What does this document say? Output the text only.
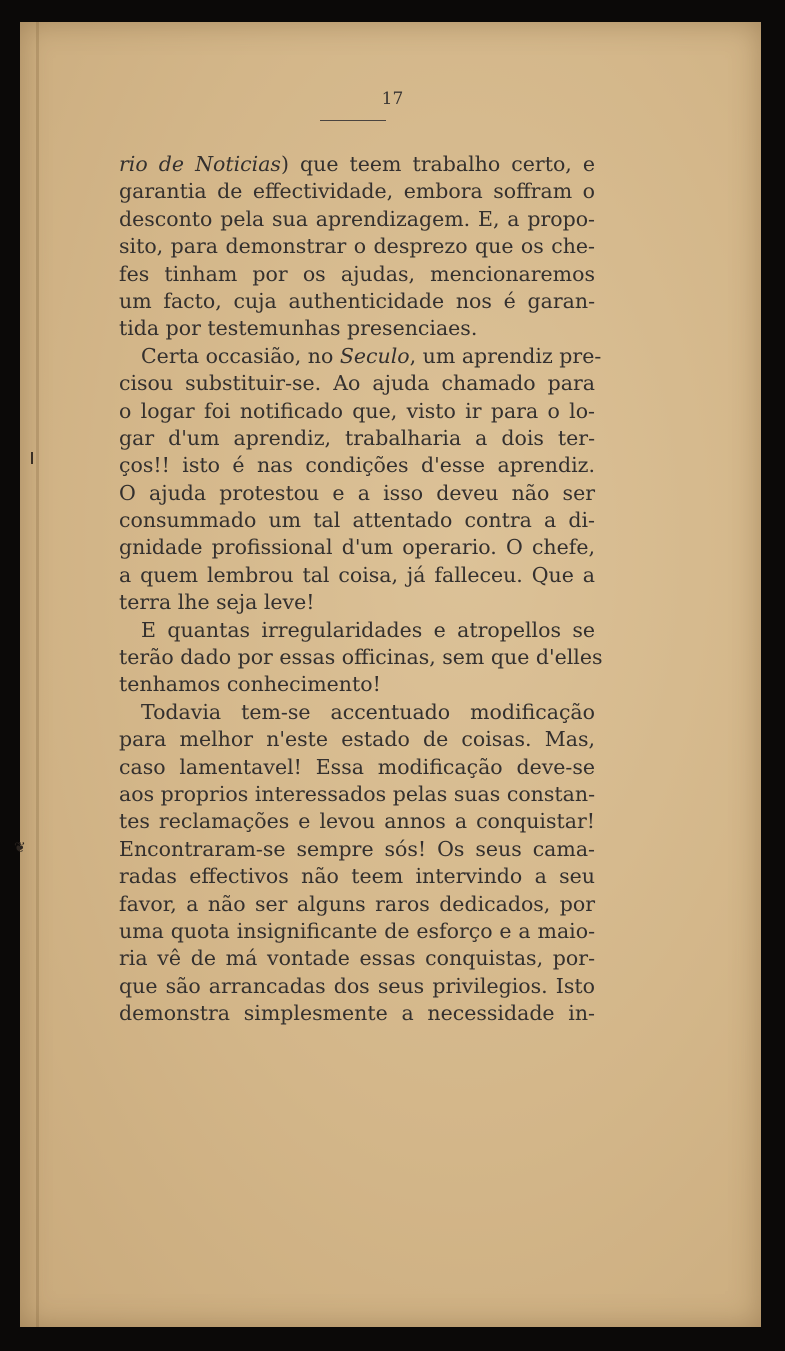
❦
17
rio de Noticias) que teem trabalho certo, e
garantia de effectividade, embora soffram o
desconto pela sua aprendizagem. E, a propo-
sito, para demonstrar o desprezo que os che-
fes tinham por os ajudas, mencionaremos
um facto, cuja authenticidade nos é garan-
tida por testemunhas presenciaes.
Certa occasião, no Seculo, um aprendiz pre-
cisou substituir-se. Ao ajuda chamado para
o logar foi notificado que, visto ir para o lo-
gar d'um aprendiz, trabalharia a dois ter-
ços!! isto é nas condições d'esse aprendiz.
O ajuda protestou e a isso deveu não ser
consummado um tal attentado contra a di-
gnidade profissional d'um operario. O chefe,
a quem lembrou tal coisa, já falleceu. Que a
terra lhe seja leve!
E quantas irregularidades e atropellos se
terão dado por essas officinas, sem que d'elles
tenhamos conhecimento!
Todavia tem-se accentuado modificação
para melhor n'este estado de coisas. Mas,
caso lamentavel! Essa modificação deve-se
aos proprios interessados pelas suas constan-
tes reclamações e levou annos a conquistar!
Encontraram-se sempre sós! Os seus cama-
radas effectivos não teem intervindo a seu
favor, a não ser alguns raros dedicados, por
uma quota insignificante de esforço e a maio-
ria vê de má vontade essas conquistas, por-
que são arrancadas dos seus privilegios. Isto
demonstra simplesmente a necessidade in-
